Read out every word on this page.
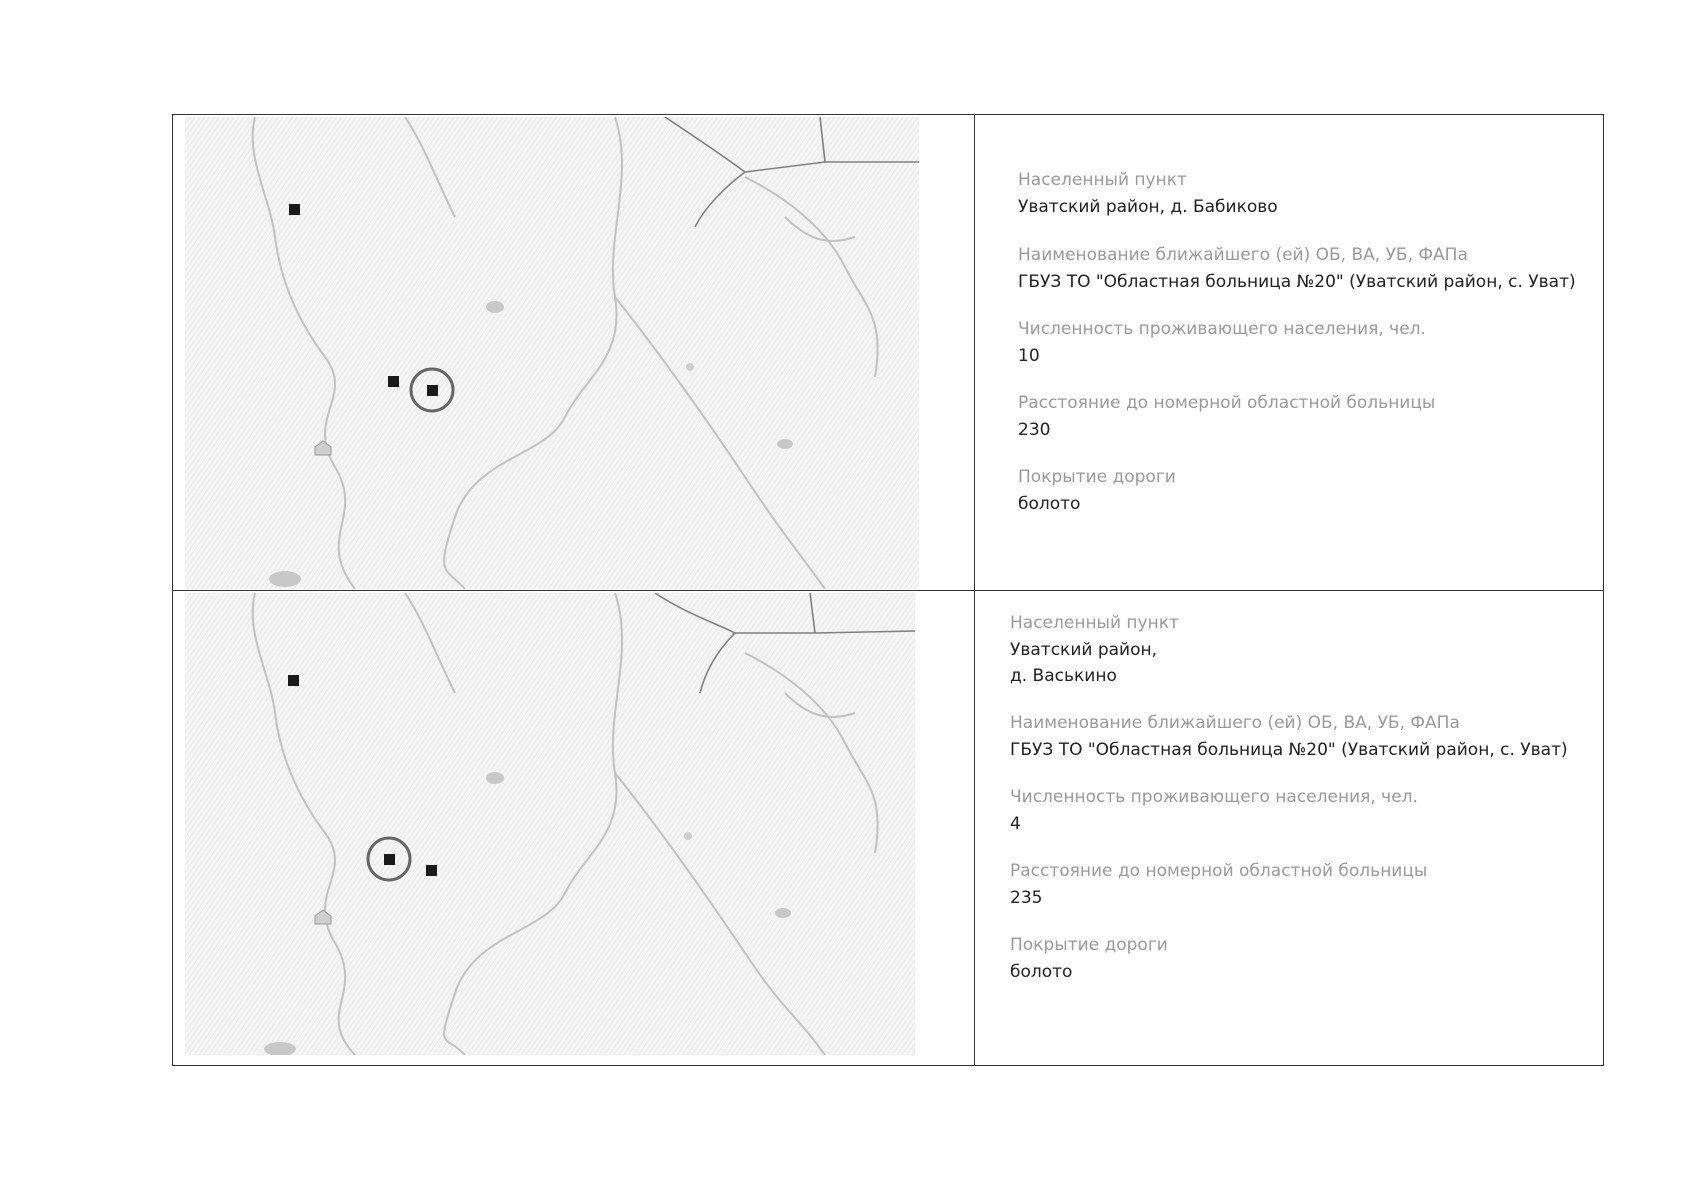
Населенный пункт

Уватский район, д. Бабиково

Наименование ближайшего (ей) ОБ, ВА, УБ, ФАПа

ГБУЗ ТО "Областная больница №20" (Уватский район, с. Уват)

Численность проживающего населения, чел.

10

Расстояние до номерной областной больницы

230

Покрытие дороги

болото

Населенный пункт

Уватский район,
д. Васькино

Наименование ближайшего (ей) ОБ, ВА, УБ, ФАПа

ГБУЗ ТО "Областная больница №20" (Уватский район, с. Уват)

Численность проживающего населения, чел.

4

Расстояние до номерной областной больницы

235

Покрытие дороги

болото
